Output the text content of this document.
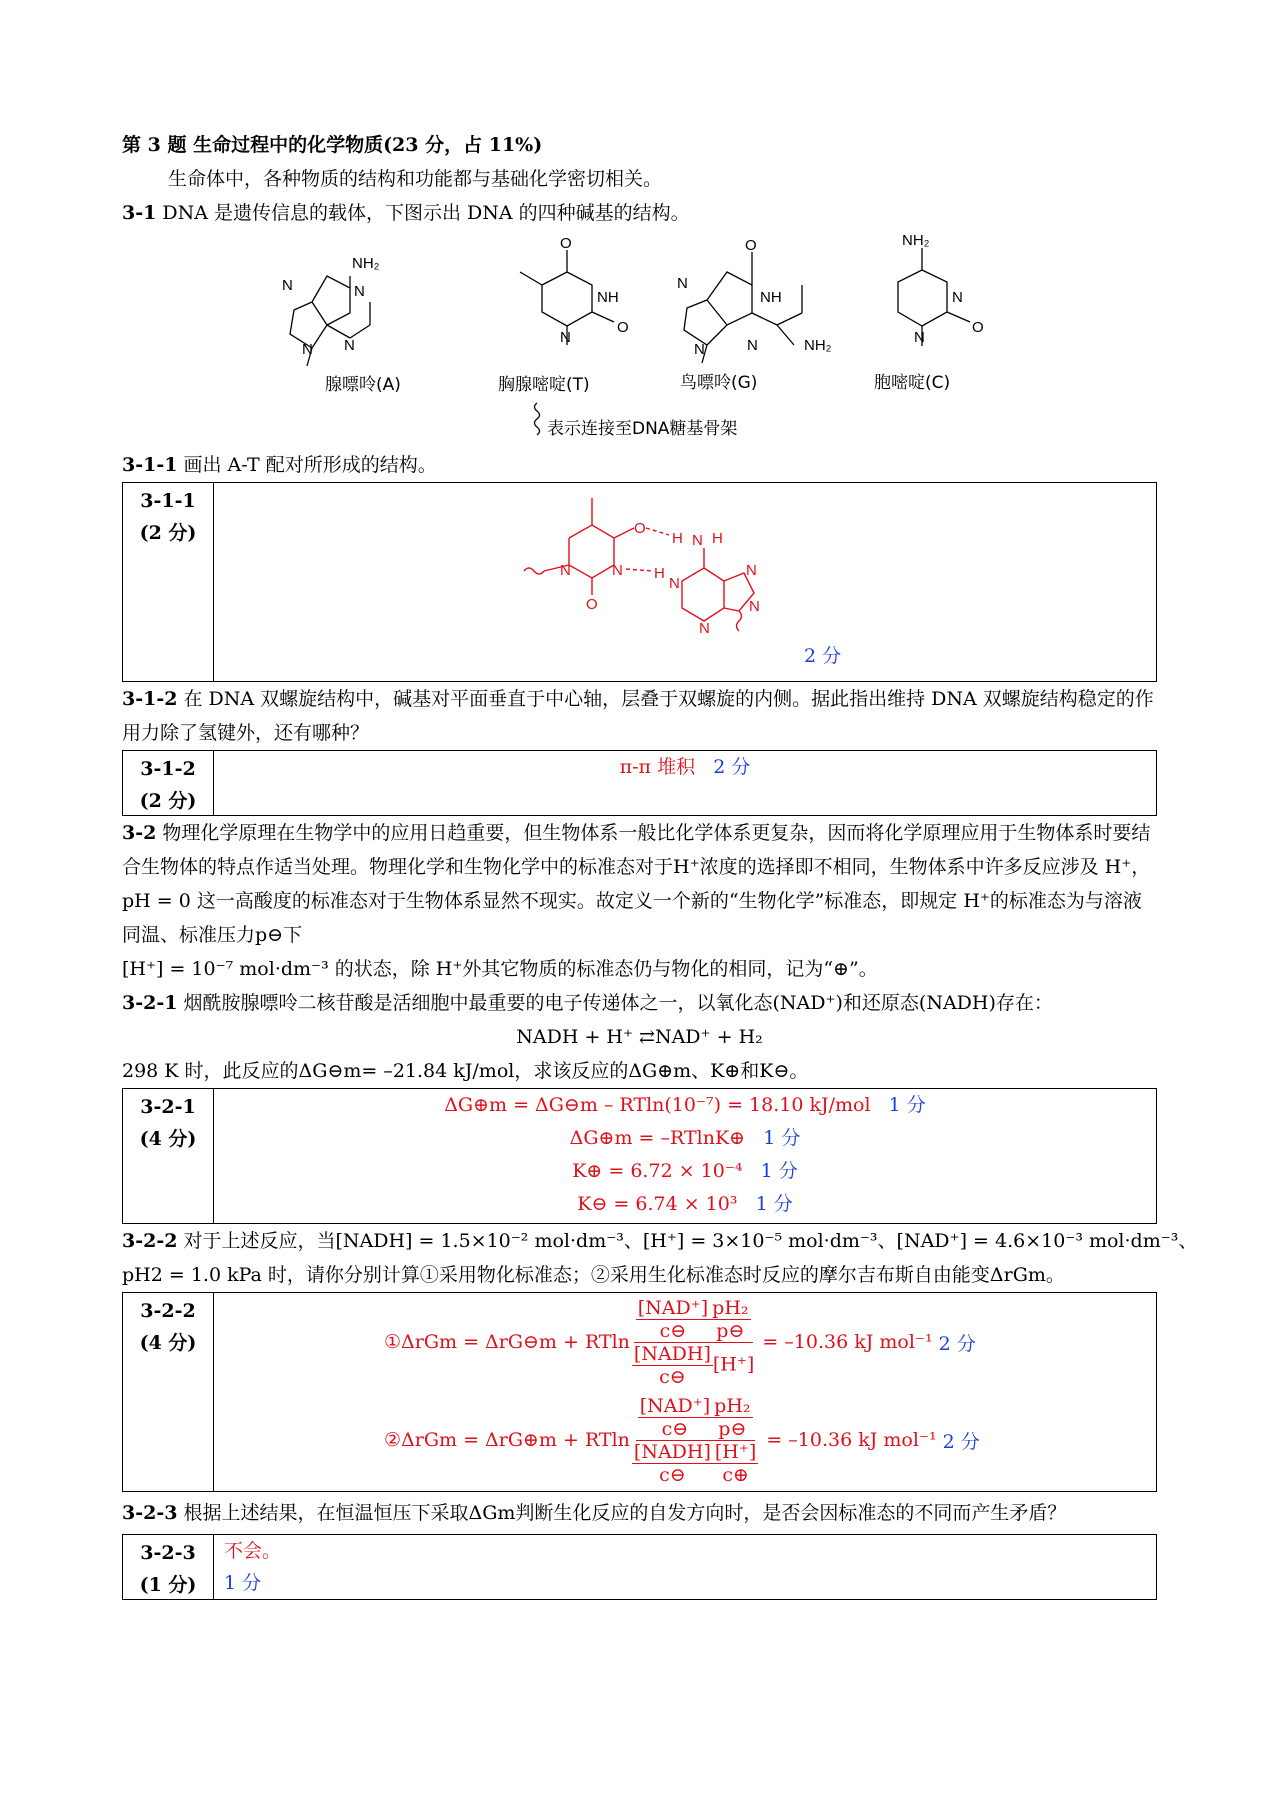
第 3 题 生命过程中的化学物质(23 分，占 11%)
生命体中，各种物质的结构和功能都与基础化学密切相关。
3-1 DNA 是遗传信息的载体，下图示出 DNA 的四种碱基的结构。
NH₂
N	N
N N
O
NH
O
N
O
N
NH
N	N	NH₂
NH₂
N
O
N
腺嘌呤(A)	胸腺嘧啶(T)	鸟嘌呤(G)	胞嘧啶(C)
表示连接至DNA糖基骨架
3-1-1 画出 A-T 配对所形成的结构。
3-1-1
(2 分)	O
H N H
N H
O
N
N
N
N
N
2 分
3-1-2 在 DNA 双螺旋结构中，碱基对平面垂直于中心轴，层叠于双螺旋的内侧。据此指出维持 DNA 双螺旋结构稳定的作用力除了氢键外，还有哪种？
3-1-2
(2 分)
π-π 堆积 2 分
3-2 物理化学原理在生物学中的应用日趋重要，但生物体系一般比化学体系更复杂，因而将化学原理应用于生物体系时要结合生物体的特点作适当处理。物理化学和生物化学中的标准态对于H⁺浓度的选择即不相同，生物体系中许多反应涉及 H⁺，pH = 0 这一高酸度的标准态对于生物体系显然不现实。故定义一个新的“生物化学”标准态，即规定 H⁺的标准态为与溶液同温、标准压力p⊖下
[H⁺] = 10⁻⁷ mol·dm⁻³ 的状态，除 H⁺外其它物质的标准态仍与物化的相同，记为“⊕”。
3-2-1 烟酰胺腺嘌呤二核苷酸是活细胞中最重要的电子传递体之一，以氧化态(NAD⁺)和还原态(NADH)存在：
NADH + H⁺ ⇄NAD⁺ + H₂
298 K 时，此反应的ΔG⊖m= –21.84 kJ/mol，求该反应的ΔG⊕m、K⊕和K⊖。
3-2-1
(4 分)
ΔG⊕m = ΔG⊖m – RTln(10⁻⁷) = 18.10 kJ/mol 1 分
ΔG⊕m = –RTlnK⊕ 1 分
K⊕ = 6.72 × 10⁻⁴ 1 分
K⊖ = 6.74 × 10³ 1 分
3-2-2 对于上述反应，当[NADH] = 1.5×10⁻² mol·dm⁻³、[H⁺] = 3×10⁻⁵ mol·dm⁻³、[NAD⁺] = 4.6×10⁻³ mol·dm⁻³、
pH2 = 1.0 kPa 时，请你分别计算①采用物化标准态；②采用生化标准态时反应的摩尔吉布斯自由能变ΔrGm。
3-2-2
(4 分)	①ΔrGm = ΔrG⊖m + RTln $\frac{\frac{\text{[NAD⁺]}}{c⊖} \frac{\text{pH₂}}{p⊖}}{\frac{\text{[NADH]}}{c⊖} [H^+]} = -10.36$ kJ mol⁻¹
2 分
②ΔrGm = ΔrG⊕m + RTln $\frac{\frac{\text{[NAD⁺]}}{c⊖} \frac{\text{pH₂}}{p⊖}}{\frac{\text{[NADH]}}{c⊖} \frac{[H^+]}{c\oplus}} = -10.36$ kJ mol⁻¹
2 分
3-2-3 根据上述结果，在恒温恒压下采取ΔGm判断生化反应的自发方向时，是否会因标准态的不同而产生矛盾？
3-2-3
(1 分)
不会。
1 分
